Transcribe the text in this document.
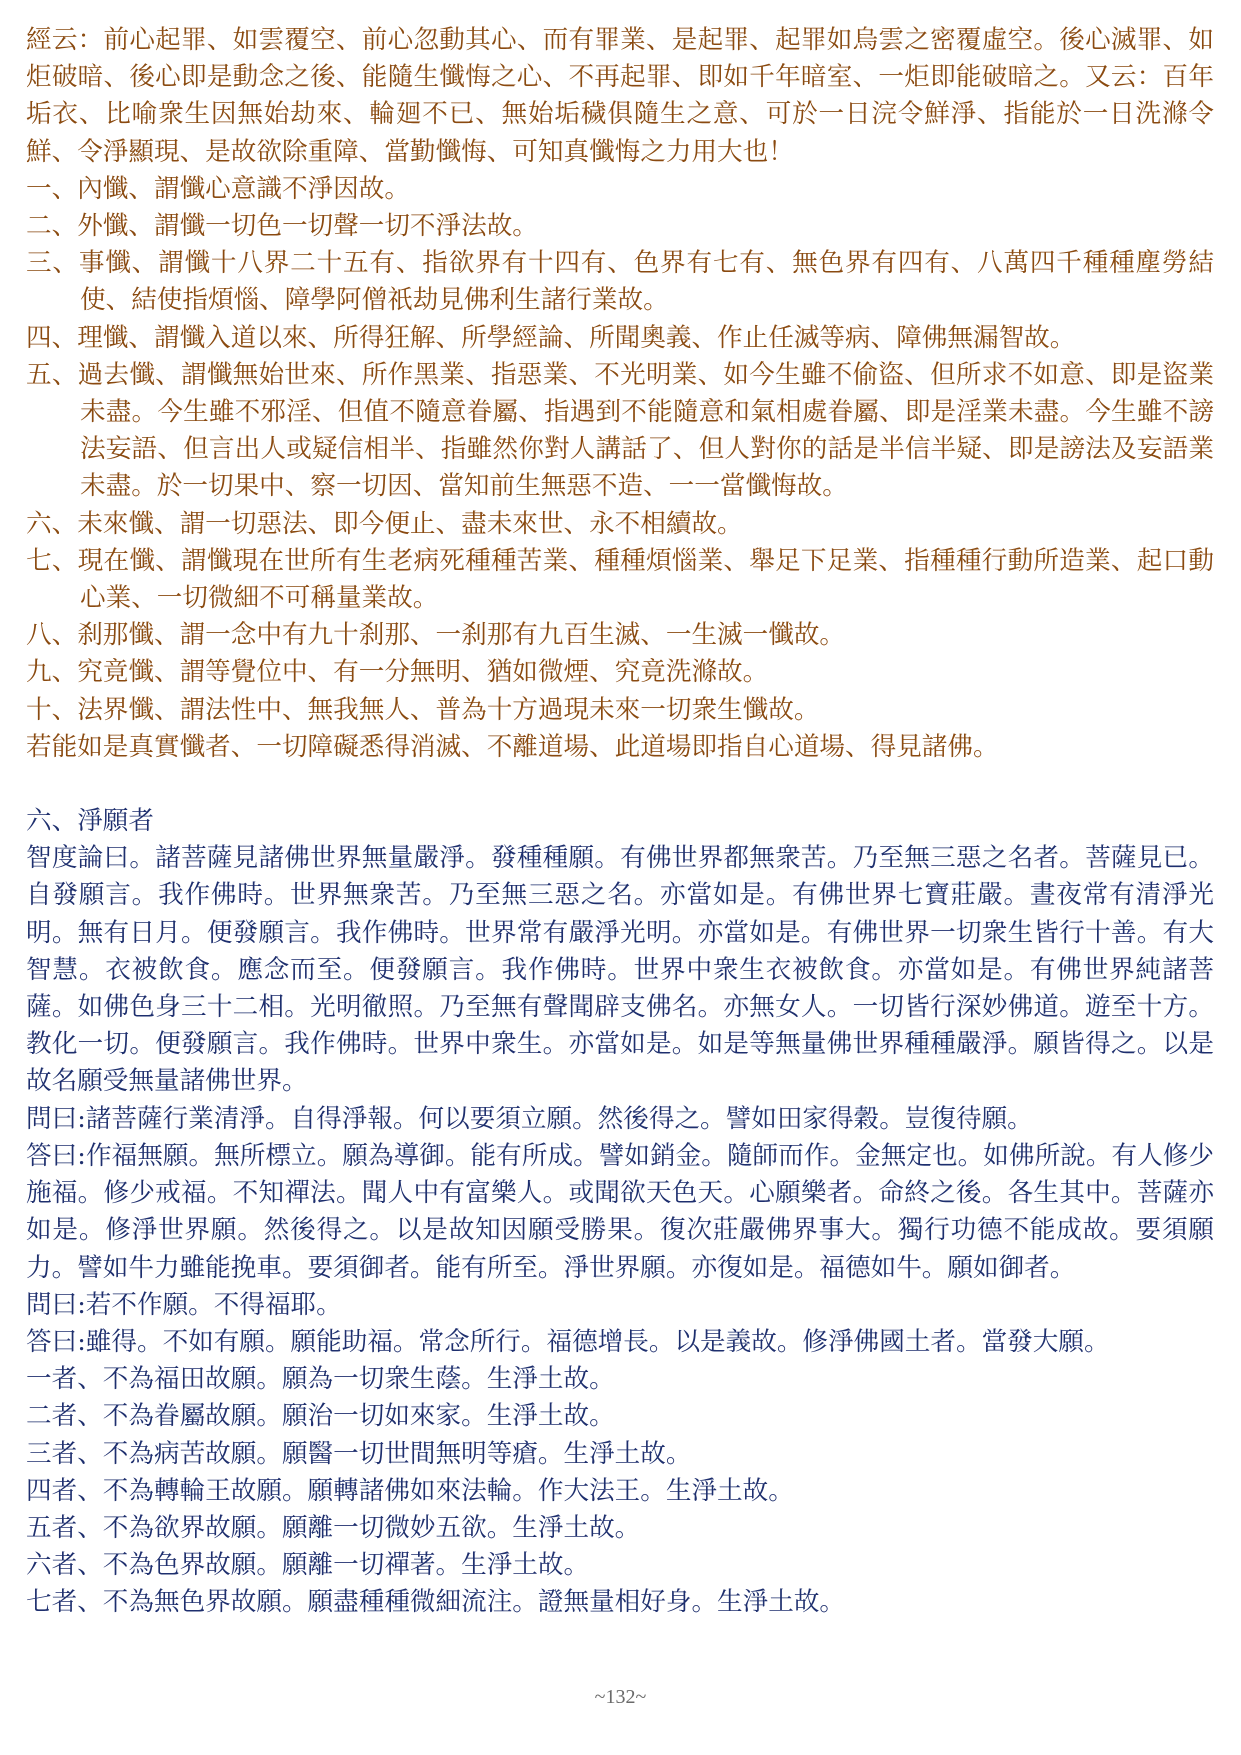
經云：前心起罪、如雲覆空、前心忽動其心、而有罪業、是起罪、起罪如烏雲之密覆虛空。後心滅罪、如炬破暗、後心即是動念之後、能隨生懺悔之心、不再起罪、即如千年暗室、一炬即能破暗之。又云：百年垢衣、比喻衆生因無始劫來、輪廻不已、無始垢穢俱隨生之意、可於一日浣令鮮淨、指能於一日洗滌令鮮、令淨顯現、是故欲除重障、當勤懺悔、可知真懺悔之力用大也！

一、內懺、謂懺心意識不淨因故。

二、外懺、謂懺一切色一切聲一切不淨法故。

三、事懺、謂懺十八界二十五有、指欲界有十四有、色界有七有、無色界有四有、八萬四千種種塵勞結使、結使指煩惱、障學阿僧祇劫見佛利生諸行業故。

四、理懺、謂懺入道以來、所得狂解、所學經論、所聞奧義、作止任滅等病、障佛無漏智故。

五、過去懺、謂懺無始世來、所作黑業、指惡業、不光明業、如今生雖不偷盜、但所求不如意、即是盜業未盡。今生雖不邪淫、但值不隨意眷屬、指遇到不能隨意和氣相處眷屬、即是淫業未盡。今生雖不謗法妄語、但言出人或疑信相半、指雖然你對人講話了、但人對你的話是半信半疑、即是謗法及妄語業未盡。於一切果中、察一切因、當知前生無惡不造、一一當懺悔故。

六、未來懺、謂一切惡法、即今便止、盡未來世、永不相續故。

七、現在懺、謂懺現在世所有生老病死種種苦業、種種煩惱業、舉足下足業、指種種行動所造業、起口動心業、一切微細不可稱量業故。

八、刹那懺、謂一念中有九十刹那、一刹那有九百生滅、一生滅一懺故。

九、究竟懺、謂等覺位中、有一分無明、猶如微煙、究竟洗滌故。

十、法界懺、謂法性中、無我無人、普為十方過現未來一切衆生懺故。

若能如是真實懺者、一切障礙悉得消滅、不離道場、此道場即指自心道場、得見諸佛。

六、淨願者

智度論曰。諸菩薩見諸佛世界無量嚴淨。發種種願。有佛世界都無衆苦。乃至無三惡之名者。菩薩見已。自發願言。我作佛時。世界無衆苦。乃至無三惡之名。亦當如是。有佛世界七寶莊嚴。晝夜常有清淨光明。無有日月。便發願言。我作佛時。世界常有嚴淨光明。亦當如是。有佛世界一切衆生皆行十善。有大智慧。衣被飲食。應念而至。便發願言。我作佛時。世界中衆生衣被飲食。亦當如是。有佛世界純諸菩薩。如佛色身三十二相。光明徹照。乃至無有聲聞辟支佛名。亦無女人。一切皆行深妙佛道。遊至十方。教化一切。便發願言。我作佛時。世界中衆生。亦當如是。如是等無量佛世界種種嚴淨。願皆得之。以是故名願受無量諸佛世界。

問曰:諸菩薩行業清淨。自得淨報。何以要須立願。然後得之。譬如田家得穀。豈復待願。

答曰:作福無願。無所標立。願為導御。能有所成。譬如銷金。隨師而作。金無定也。如佛所說。有人修少施福。修少戒福。不知禪法。聞人中有富樂人。或聞欲天色天。心願樂者。命終之後。各生其中。菩薩亦如是。修淨世界願。然後得之。以是故知因願受勝果。復次莊嚴佛界事大。獨行功德不能成故。要須願力。譬如牛力雖能挽車。要須御者。能有所至。淨世界願。亦復如是。福德如牛。願如御者。

問曰:若不作願。不得福耶。

答曰:雖得。不如有願。願能助福。常念所行。福德增長。以是義故。修淨佛國土者。當發大願。

一者、不為福田故願。願為一切衆生蔭。生淨土故。

二者、不為眷屬故願。願治一切如來家。生淨土故。

三者、不為病苦故願。願醫一切世間無明等瘡。生淨土故。

四者、不為轉輪王故願。願轉諸佛如來法輪。作大法王。生淨土故。

五者、不為欲界故願。願離一切微妙五欲。生淨土故。

六者、不為色界故願。願離一切禪著。生淨土故。

七者、不為無色界故願。願盡種種微細流注。證無量相好身。生淨土故。

~132~
